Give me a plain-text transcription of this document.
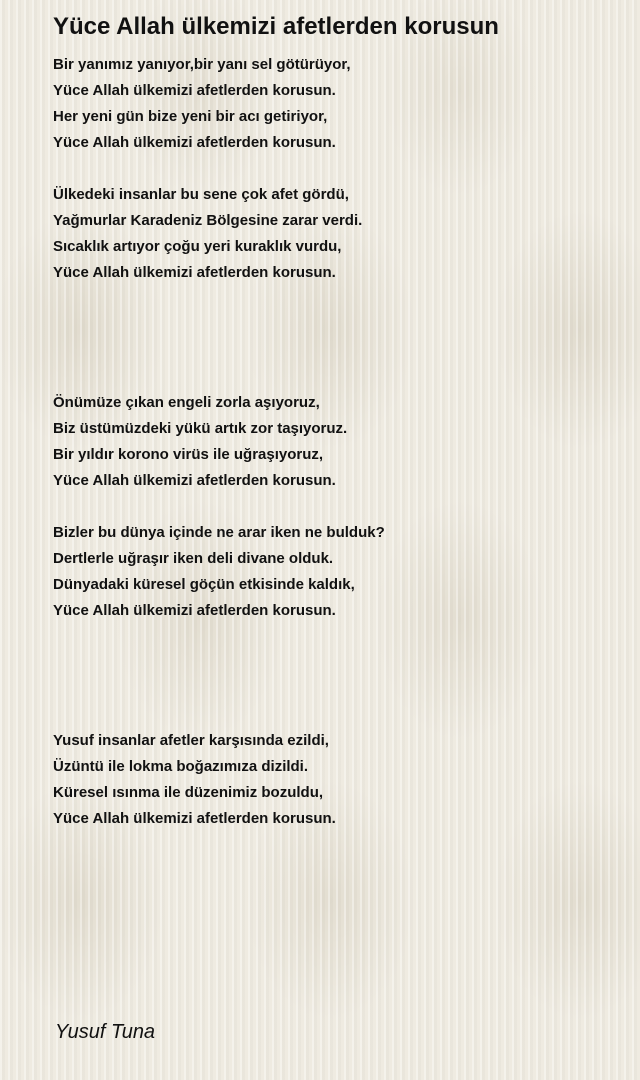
Yüce Allah ülkemizi afetlerden korusun
Bir yanımız yanıyor,bir yanı sel götürüyor,
Yüce Allah ülkemizi afetlerden korusun.
Her yeni gün bize yeni bir acı getiriyor,
Yüce Allah ülkemizi afetlerden korusun.
Ülkedeki insanlar bu sene çok afet gördü,
Yağmurlar Karadeniz Bölgesine zarar verdi.
Sıcaklık artıyor çoğu yeri kuraklık vurdu,
Yüce Allah ülkemizi afetlerden korusun.
Önümüze çıkan engeli zorla aşıyoruz,
Biz üstümüzdeki yükü artık zor taşıyoruz.
Bir yıldır korono virüs ile uğraşıyoruz,
Yüce Allah ülkemizi afetlerden korusun.
Bizler bu dünya içinde ne arar iken ne bulduk?
Dertlerle uğraşır iken deli divane olduk.
Dünyadaki küresel göçün etkisinde kaldık,
Yüce Allah ülkemizi afetlerden korusun.
Yusuf insanlar afetler karşısında ezildi,
Üzüntü ile lokma boğazımıza dizildi.
Küresel ısınma ile düzenimiz bozuldu,
Yüce Allah ülkemizi afetlerden korusun.
Yusuf Tuna
